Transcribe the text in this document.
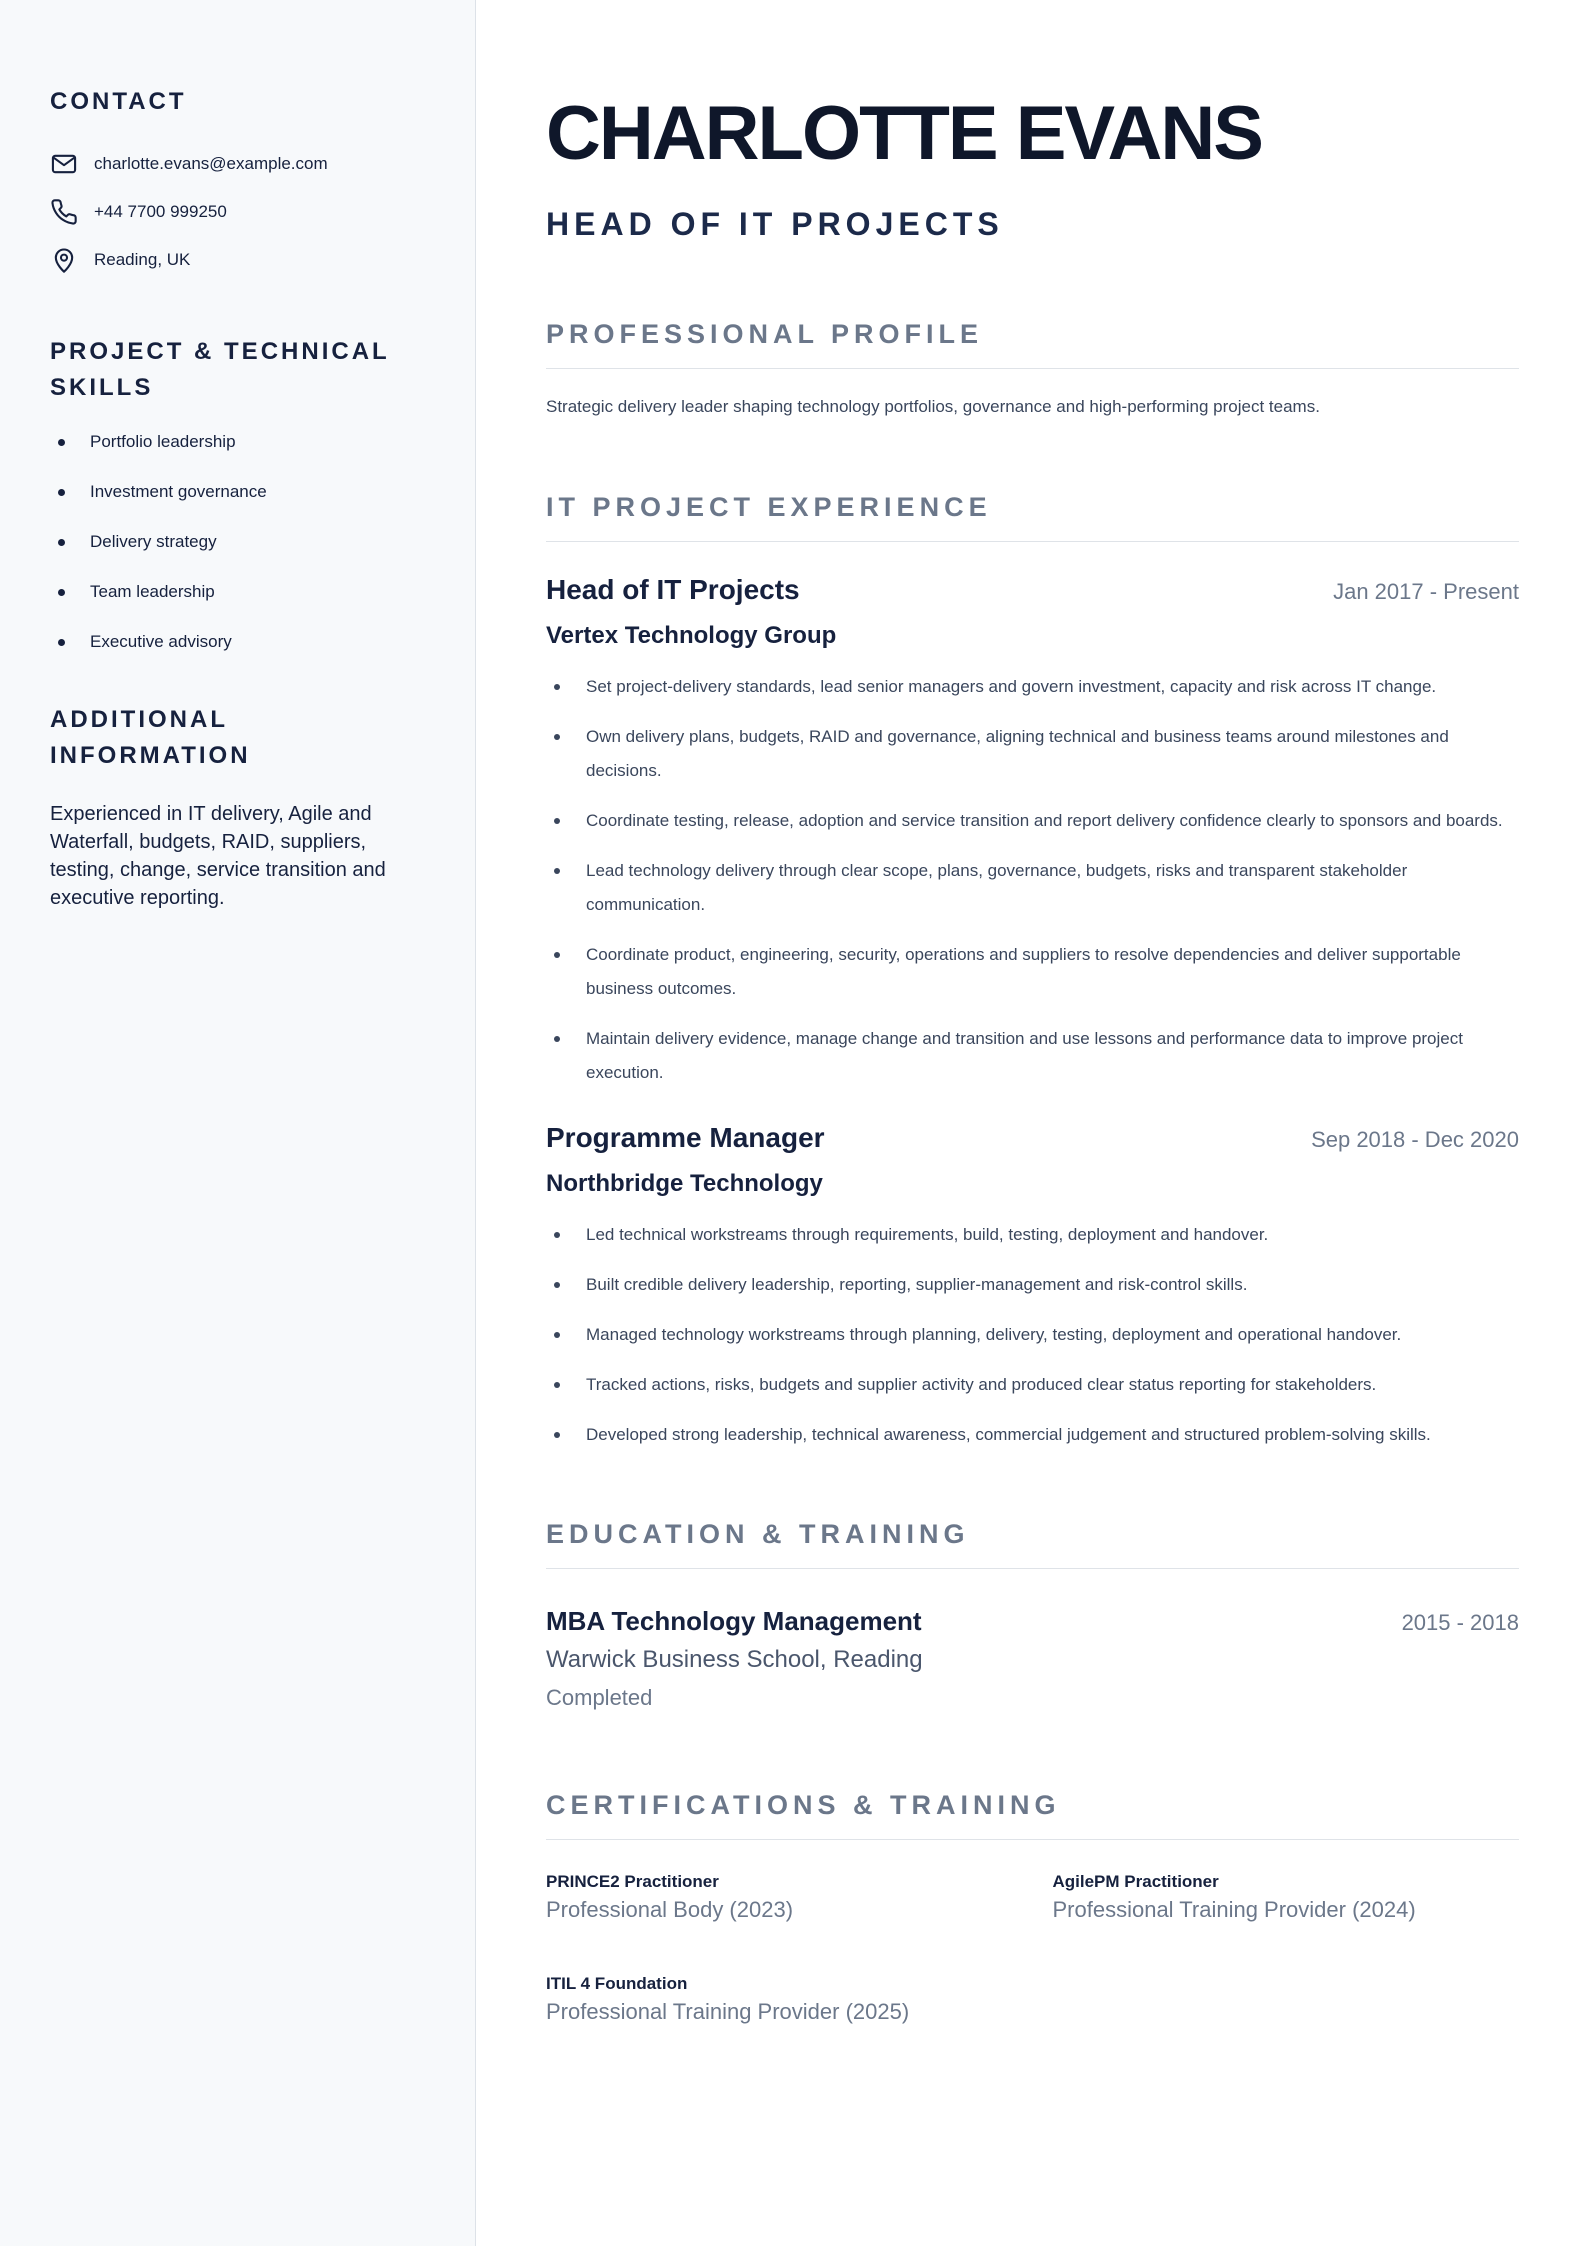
CONTACT
charlotte.evans@example.com
+44 7700 999250
Reading, UK
PROJECT & TECHNICAL SKILLS
Portfolio leadership
Investment governance
Delivery strategy
Team leadership
Executive advisory
ADDITIONAL INFORMATION

Experienced in IT delivery, Agile and Waterfall, budgets, RAID, suppliers, testing, change, service transition and executive reporting.

CHARLOTTE EVANS
HEAD OF IT PROJECTS
PROFESSIONAL PROFILE

Strategic delivery leader shaping technology portfolios, governance and high-performing project teams.

IT PROJECT EXPERIENCE
Head of IT Projects	Jan 2017 - Present
Vertex Technology Group
Set project-delivery standards, lead senior managers and govern investment, capacity and risk across IT change.
Own delivery plans, budgets, RAID and governance, aligning technical and business teams around milestones and decisions.
Coordinate testing, release, adoption and service transition and report delivery confidence clearly to sponsors and boards.
Lead technology delivery through clear scope, plans, governance, budgets, risks and transparent stakeholder communication.
Coordinate product, engineering, security, operations and suppliers to resolve dependencies and deliver supportable business outcomes.
Maintain delivery evidence, manage change and transition and use lessons and performance data to improve project execution.
Programme Manager	Sep 2018 - Dec 2020
Northbridge Technology
Led technical workstreams through requirements, build, testing, deployment and handover.
Built credible delivery leadership, reporting, supplier-management and risk-control skills.
Managed technology workstreams through planning, delivery, testing, deployment and operational handover.
Tracked actions, risks, budgets and supplier activity and produced clear status reporting for stakeholders.
Developed strong leadership, technical awareness, commercial judgement and structured problem-solving skills.
EDUCATION & TRAINING
MBA Technology Management	2015 - 2018
Warwick Business School, Reading
Completed
CERTIFICATIONS & TRAINING
PRINCE2 Practitioner
Professional Body (2023)
AgilePM Practitioner
Professional Training Provider (2024)
ITIL 4 Foundation
Professional Training Provider (2025)
